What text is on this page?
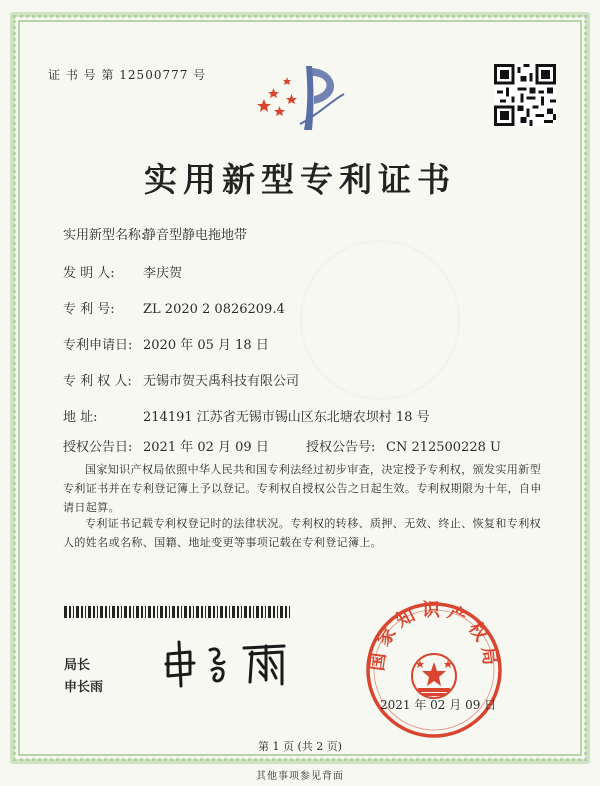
证 书 号 第 12500777 号
实用新型专利证书
实用新型名称:静音型静电拖地带
发 明 人: 李庆贺
专 利 号: ZL 2020 2 0826209.4
专利申请日: 2020 年 05 月 18 日
专 利 权 人: 无锡市贺天禹科技有限公司
地 址:	214191 江苏省无锡市锡山区东北塘农坝村 18 号
授权公告日: 2021 年 02 月 09 日	授权公告号: CN 212500228 U

国家知识产权局依照中华人民共和国专利法经过初步审查，决定授予专利权，颁发实用新型专利证书并在专利登记簿上予以登记。专利权自授权公告之日起生效。专利权期限为十年，自申请日起算。

专利证书记载专利权登记时的法律状况。专利权的转移、质押、无效、终止、恢复和专利权人的姓名或名称、国籍、地址变更等事项记载在专利登记簿上。

局长
申长雨
国家知识产权局
2021 年 02 月 09 日
第 1 页 (共 2 页)
其他事项参见背面
